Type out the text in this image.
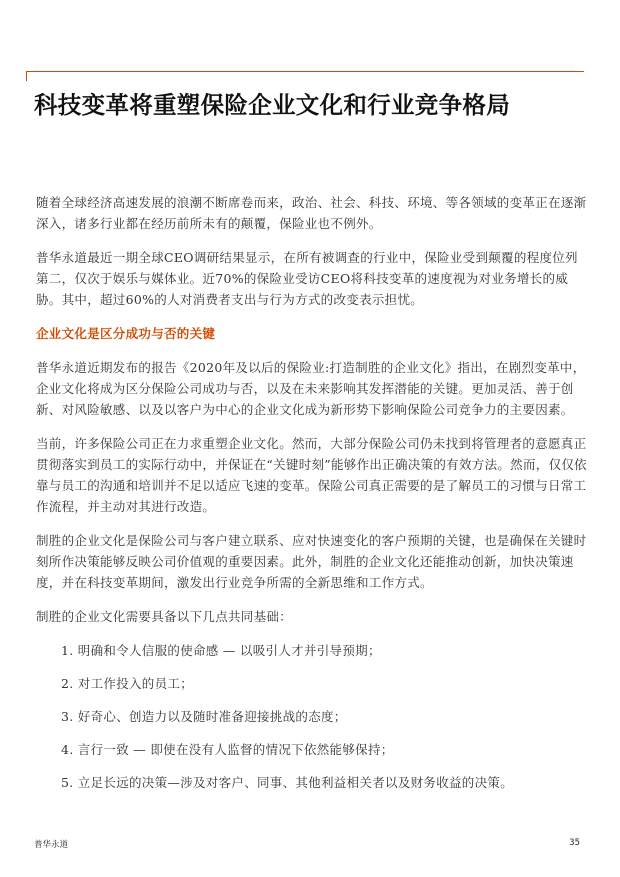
科技变革将重塑保险企业文化和行业竞争格局

随着全球经济高速发展的浪潮不断席卷而来，政治、社会、科技、环境、等各领域的变革正在逐渐深入，诸多行业都在经历前所未有的颠覆，保险业也不例外。

普华永道最近一期全球CEO调研结果显示，在所有被调查的行业中，保险业受到颠覆的程度位列第二，仅次于娱乐与媒体业。近70%的保险业受访CEO将科技变革的速度视为对业务增长的威胁。其中，超过60%的人对消费者支出与行为方式的改变表示担忧。

企业文化是区分成功与否的关键

普华永道近期发布的报告《2020年及以后的保险业:打造制胜的企业文化》指出，在剧烈变革中，企业文化将成为区分保险公司成功与否，以及在未来影响其发挥潜能的关键。更加灵活、善于创新、对风险敏感、以及以客户为中心的企业文化成为新形势下影响保险公司竞争力的主要因素。

当前，许多保险公司正在力求重塑企业文化。然而，大部分保险公司仍未找到将管理者的意愿真正贯彻落实到员工的实际行动中，并保证在“关键时刻”能够作出正确决策的有效方法。然而，仅仅依靠与员工的沟通和培训并不足以适应飞速的变革。保险公司真正需要的是了解员工的习惯与日常工作流程，并主动对其进行改造。

制胜的企业文化是保险公司与客户建立联系、应对快速变化的客户预期的关键，也是确保在关键时刻所作决策能够反映公司价值观的重要因素。此外，制胜的企业文化还能推动创新，加快决策速度，并在科技变革期间，激发出行业竞争所需的全新思维和工作方式。

制胜的企业文化需要具备以下几点共同基础：

1. 明确和令人信服的使命感 — 以吸引人才并引导预期；
2. 对工作投入的员工；
3. 好奇心、创造力以及随时准备迎接挑战的态度；
4. 言行一致 — 即使在没有人监督的情况下依然能够保持；
5. 立足长远的决策—涉及对客户、同事、其他利益相关者以及财务收益的决策。
普华永道	35
